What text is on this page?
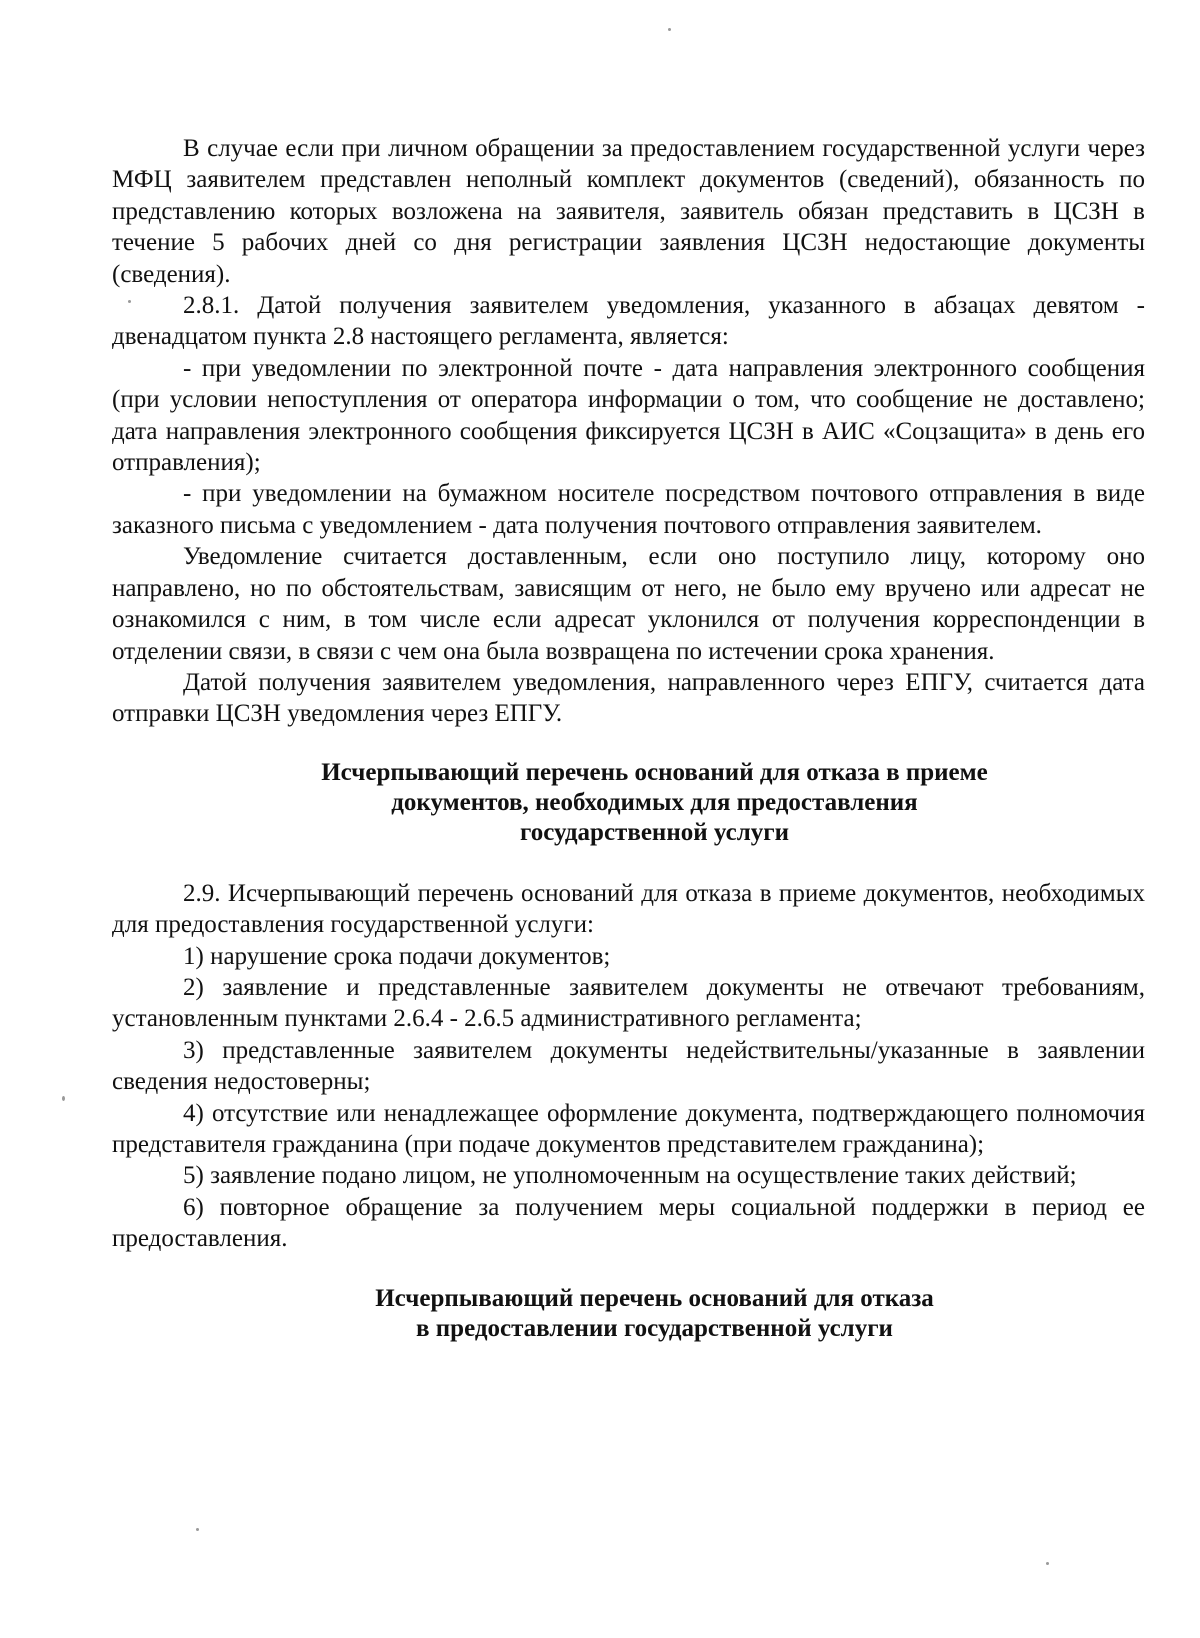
В случае если при личном обращении за предоставлением государственной услуги через МФЦ заявителем представлен неполный комплект документов (сведений), обязанность по представлению которых возложена на заявителя, заявитель обязан представить в ЦСЗН в течение 5 рабочих дней со дня регистрации заявления ЦСЗН недостающие документы (сведения).

2.8.1. Датой получения заявителем уведомления, указанного в абзацах девятом - двенадцатом пункта 2.8 настоящего регламента, является:

- при уведомлении по электронной почте - дата направления электронного сообщения (при условии непоступления от оператора информации о том, что сообщение не доставлено; дата направления электронного сообщения фиксируется ЦСЗН в АИС «Соцзащита» в день его отправления);

- при уведомлении на бумажном носителе посредством почтового отправления в виде заказного письма с уведомлением - дата получения почтового отправления заявителем.

Уведомление считается доставленным, если оно поступило лицу, которому оно направлено, но по обстоятельствам, зависящим от него, не было ему вручено или адресат не ознакомился с ним, в том числе если адресат уклонился от получения корреспонденции в отделении связи, в связи с чем она была возвращена по истечении срока хранения.

Датой получения заявителем уведомления, направленного через ЕПГУ, считается дата отправки ЦСЗН уведомления через ЕПГУ.

Исчерпывающий перечень оснований для отказа в приеме
документов, необходимых для предоставления
государственной услуги

2.9. Исчерпывающий перечень оснований для отказа в приеме документов, необходимых для предоставления государственной услуги:

1) нарушение срока подачи документов;

2) заявление и представленные заявителем документы не отвечают требованиям, установленным пунктами 2.6.4 - 2.6.5 административного регламента;

3) представленные заявителем документы недействительны/указанные в заявлении сведения недостоверны;

4) отсутствие или ненадлежащее оформление документа, подтверждающего полномочия представителя гражданина (при подаче документов представителем гражданина);

5) заявление подано лицом, не уполномоченным на осуществление таких действий;

6) повторное обращение за получением меры социальной поддержки в период ее предоставления.

Исчерпывающий перечень оснований для отказа
в предоставлении государственной услуги
